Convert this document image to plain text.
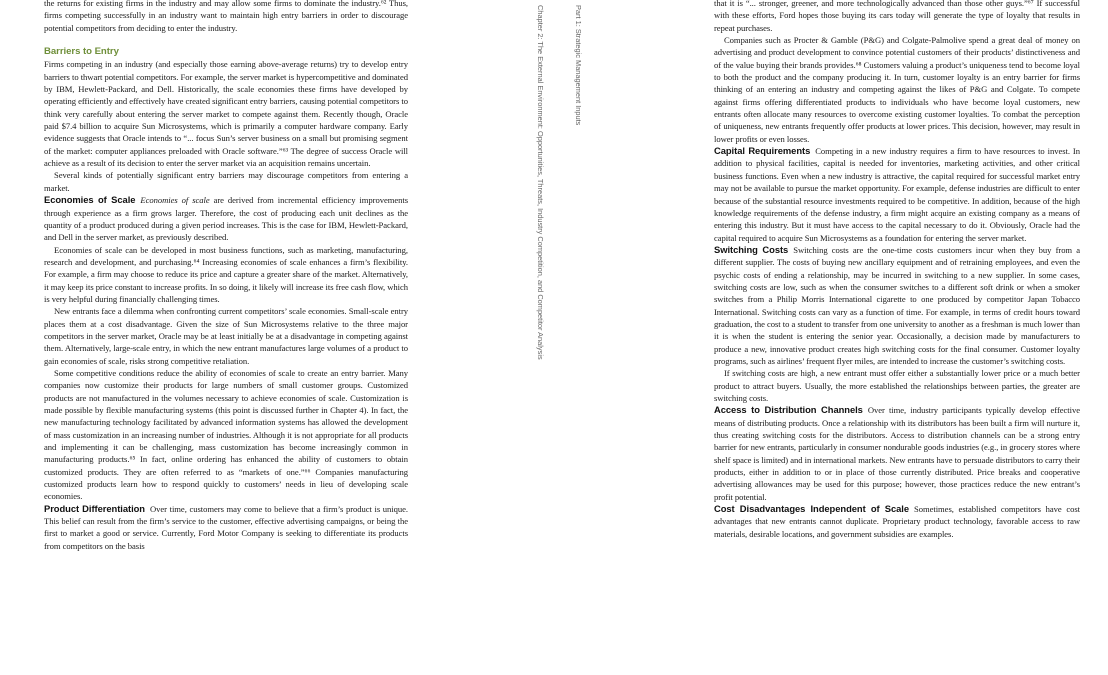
the returns for existing firms in the industry and may allow some firms to dominate the industry.⁶² Thus, firms competing successfully in an industry want to maintain high entry barriers in order to discourage potential competitors from deciding to enter the industry.

Barriers to Entry

Firms competing in an industry (and especially those earning above-average returns) try to develop entry barriers to thwart potential competitors. For example, the server market is hypercompetitive and dominated by IBM, Hewlett-Packard, and Dell. Historically, the scale economies these firms have developed by operating efficiently and effectively have created significant entry barriers, causing potential competitors to think very carefully about entering the server market to compete against them. Recently though, Oracle paid $7.4 billion to acquire Sun Microsystems, which is primarily a computer hardware company. Early evidence suggests that Oracle intends to “... focus Sun’s server business on a small but promising segment of the market: computer appliances preloaded with Oracle software.”⁶³ The degree of success Oracle will achieve as a result of its decision to enter the server market via an acquisition remains uncertain.

Several kinds of potentially significant entry barriers may discourage competitors from entering a market.

Economies of Scale Economies of scale are derived from incremental efficiency improvements through experience as a firm grows larger. Therefore, the cost of producing each unit declines as the quantity of a product produced during a given period increases. This is the case for IBM, Hewlett-Packard, and Dell in the server market, as previously described.

Economies of scale can be developed in most business functions, such as marketing, manufacturing, research and development, and purchasing.⁶⁴ Increasing economies of scale enhances a firm’s flexibility. For example, a firm may choose to reduce its price and capture a greater share of the market. Alternatively, it may keep its price constant to increase profits. In so doing, it likely will increase its free cash flow, which is very helpful during financially challenging times.

New entrants face a dilemma when confronting current competitors’ scale economies. Small-scale entry places them at a cost disadvantage. Given the size of Sun Microsystems relative to the three major competitors in the server market, Oracle may be at least initially be at a disadvantage in competing against them. Alternatively, large-scale entry, in which the new entrant manufactures large volumes of a product to gain economies of scale, risks strong competitive retaliation.

Some competitive conditions reduce the ability of economies of scale to create an entry barrier. Many companies now customize their products for large numbers of small customer groups. Customized products are not manufactured in the volumes necessary to achieve economies of scale. Customization is made possible by flexible manufacturing systems (this point is discussed further in Chapter 4). In fact, the new manufacturing technology facilitated by advanced information systems has allowed the development of mass customization in an increasing number of industries. Although it is not appropriate for all products and implementing it can be challenging, mass customization has become increasingly common in manufacturing products.⁶⁵ In fact, online ordering has enhanced the ability of customers to obtain customized products. They are often referred to as “markets of one.”⁶⁶ Companies manufacturing customized products learn how to respond quickly to customers’ needs in lieu of developing scale economies.

Product Differentiation Over time, customers may come to believe that a firm’s product is unique. This belief can result from the firm’s service to the customer, effective advertising campaigns, or being the first to market a good or service. Currently, Ford Motor Company is seeking to differentiate its products from competitors on the basis

Chapter 2: The External Environment: Opportunities, Threats, Industry Competition, and Competitor Analysis	Part 1: Strategic Management Inputs

that it is “... stronger, greener, and more technologically advanced than those other guys.”⁶⁷ If successful with these efforts, Ford hopes those buying its cars today will generate the type of loyalty that results in repeat purchases.

Companies such as Procter & Gamble (P&G) and Colgate-Palmolive spend a great deal of money on advertising and product development to convince potential customers of their products’ distinctiveness and of the value buying their brands provides.⁶⁸ Customers valuing a product’s uniqueness tend to become loyal to both the product and the company producing it. In turn, customer loyalty is an entry barrier for firms thinking of an entering an industry and competing against the likes of P&G and Colgate. To compete against firms offering differentiated products to individuals who have become loyal customers, new entrants often allocate many resources to overcome existing customer loyalties. To combat the perception of uniqueness, new entrants frequently offer products at lower prices. This decision, however, may result in lower profits or even losses.

Capital Requirements Competing in a new industry requires a firm to have resources to invest. In addition to physical facilities, capital is needed for inventories, marketing activities, and other critical business functions. Even when a new industry is attractive, the capital required for successful market entry may not be available to pursue the market opportunity. For example, defense industries are difficult to enter because of the substantial resource investments required to be competitive. In addition, because of the high knowledge requirements of the defense industry, a firm might acquire an existing company as a means of entering this industry. But it must have access to the capital necessary to do it. Obviously, Oracle had the capital required to acquire Sun Microsystems as a foundation for entering the server market.

Switching Costs Switching costs are the one-time costs customers incur when they buy from a different supplier. The costs of buying new ancillary equipment and of retraining employees, and even the psychic costs of ending a relationship, may be incurred in switching to a new supplier. In some cases, switching costs are low, such as when the consumer switches to a different soft drink or when a smoker switches from a Philip Morris International cigarette to one produced by competitor Japan Tobacco International. Switching costs can vary as a function of time. For example, in terms of credit hours toward graduation, the cost to a student to transfer from one university to another as a freshman is much lower than it is when the student is entering the senior year. Occasionally, a decision made by manufacturers to produce a new, innovative product creates high switching costs for the final consumer. Customer loyalty programs, such as airlines’ frequent flyer miles, are intended to increase the customer’s switching costs.

If switching costs are high, a new entrant must offer either a substantially lower price or a much better product to attract buyers. Usually, the more established the relationships between parties, the greater are switching costs.

Access to Distribution Channels Over time, industry participants typically develop effective means of distributing products. Once a relationship with its distributors has been built a firm will nurture it, thus creating switching costs for the distributors. Access to distribution channels can be a strong entry barrier for new entrants, particularly in consumer nondurable goods industries (e.g., in grocery stores where shelf space is limited) and in international markets. New entrants have to persuade distributors to carry their products, either in addition to or in place of those currently distributed. Price breaks and cooperative advertising allowances may be used for this purpose; however, those practices reduce the new entrant’s profit potential.

Cost Disadvantages Independent of Scale Sometimes, established competitors have cost advantages that new entrants cannot duplicate. Proprietary product technology, favorable access to raw materials, desirable locations, and government subsidies are examples.
